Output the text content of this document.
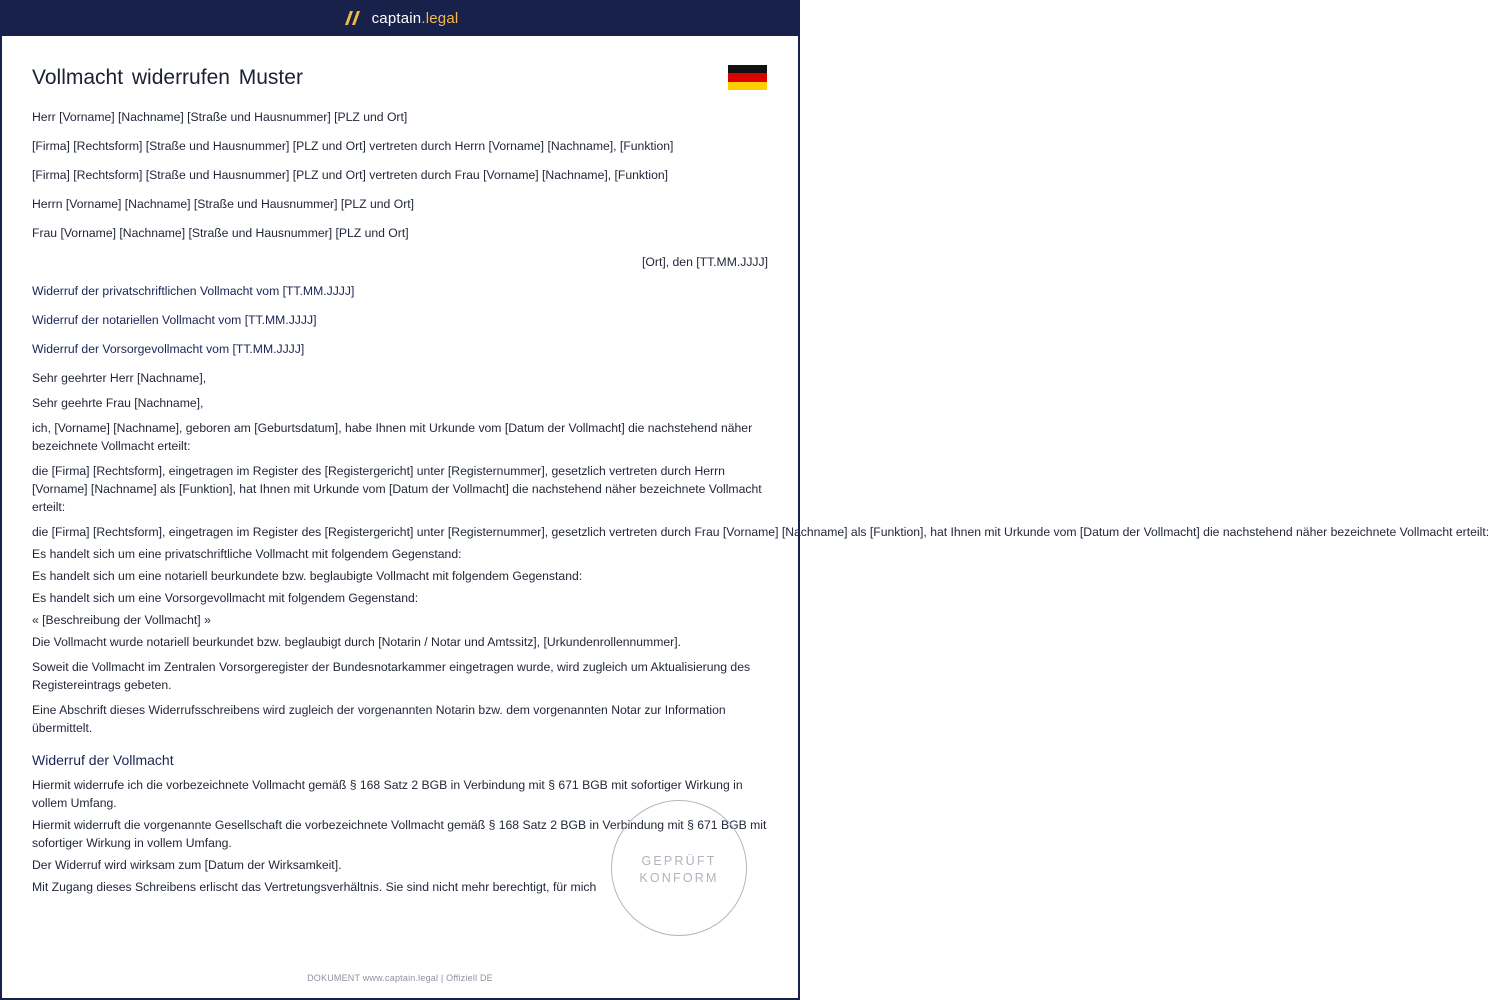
captain.legal
Vollmacht widerrufen Muster

Herr [Vorname] [Nachname] [Straße und Hausnummer] [PLZ und Ort]

[Firma] [Rechtsform] [Straße und Hausnummer] [PLZ und Ort] vertreten durch Herrn [Vorname] [Nachname], [Funktion]

[Firma] [Rechtsform] [Straße und Hausnummer] [PLZ und Ort] vertreten durch Frau [Vorname] [Nachname], [Funktion]

Herrn [Vorname] [Nachname] [Straße und Hausnummer] [PLZ und Ort]

Frau [Vorname] [Nachname] [Straße und Hausnummer] [PLZ und Ort]

[Ort], den [TT.MM.JJJJ]

Widerruf der privatschriftlichen Vollmacht vom [TT.MM.JJJJ]

Widerruf der notariellen Vollmacht vom [TT.MM.JJJJ]

Widerruf der Vorsorgevollmacht vom [TT.MM.JJJJ]

Sehr geehrter Herr [Nachname],

Sehr geehrte Frau [Nachname],

ich, [Vorname] [Nachname], geboren am [Geburtsdatum], habe Ihnen mit Urkunde vom [Datum der Vollmacht] die nachstehend näher bezeichnete Vollmacht erteilt:

die [Firma] [Rechtsform], eingetragen im Register des [Registergericht] unter [Registernummer], gesetzlich vertreten durch Herrn [Vorname] [Nachname] als [Funktion], hat Ihnen mit Urkunde vom [Datum der Vollmacht] die nachstehend näher bezeichnete Vollmacht erteilt:

die [Firma] [Rechtsform], eingetragen im Register des [Registergericht] unter [Registernummer], gesetzlich vertreten durch Frau [Vorname] [Nachname] als [Funktion], hat Ihnen mit Urkunde vom [Datum der Vollmacht] die nachstehend näher bezeichnete Vollmacht erteilt:

Es handelt sich um eine privatschriftliche Vollmacht mit folgendem Gegenstand:

Es handelt sich um eine notariell beurkundete bzw. beglaubigte Vollmacht mit folgendem Gegenstand:

Es handelt sich um eine Vorsorgevollmacht mit folgendem Gegenstand:

« [Beschreibung der Vollmacht] »

Die Vollmacht wurde notariell beurkundet bzw. beglaubigt durch [Notarin / Notar und Amtssitz], [Urkundenrollennummer].

Soweit die Vollmacht im Zentralen Vorsorgeregister der Bundesnotarkammer eingetragen wurde, wird zugleich um Aktualisierung des Registereintrags gebeten.

Eine Abschrift dieses Widerrufsschreibens wird zugleich der vorgenannten Notarin bzw. dem vorgenannten Notar zur Information übermittelt.

Widerruf der Vollmacht

Hiermit widerrufe ich die vorbezeichnete Vollmacht gemäß § 168 Satz 2 BGB in Verbindung mit § 671 BGB mit sofortiger Wirkung in vollem Umfang.

Hiermit widerruft die vorgenannte Gesellschaft die vorbezeichnete Vollmacht gemäß § 168 Satz 2 BGB in Verbindung mit § 671 BGB mit sofortiger Wirkung in vollem Umfang.

Der Widerruf wird wirksam zum [Datum der Wirksamkeit].

Mit Zugang dieses Schreibens erlischt das Vertretungsverhältnis. Sie sind nicht mehr berechtigt, für mich

GEPRÜFT
KONFORM
DOKUMENT www.captain.legal | Offiziell DE
